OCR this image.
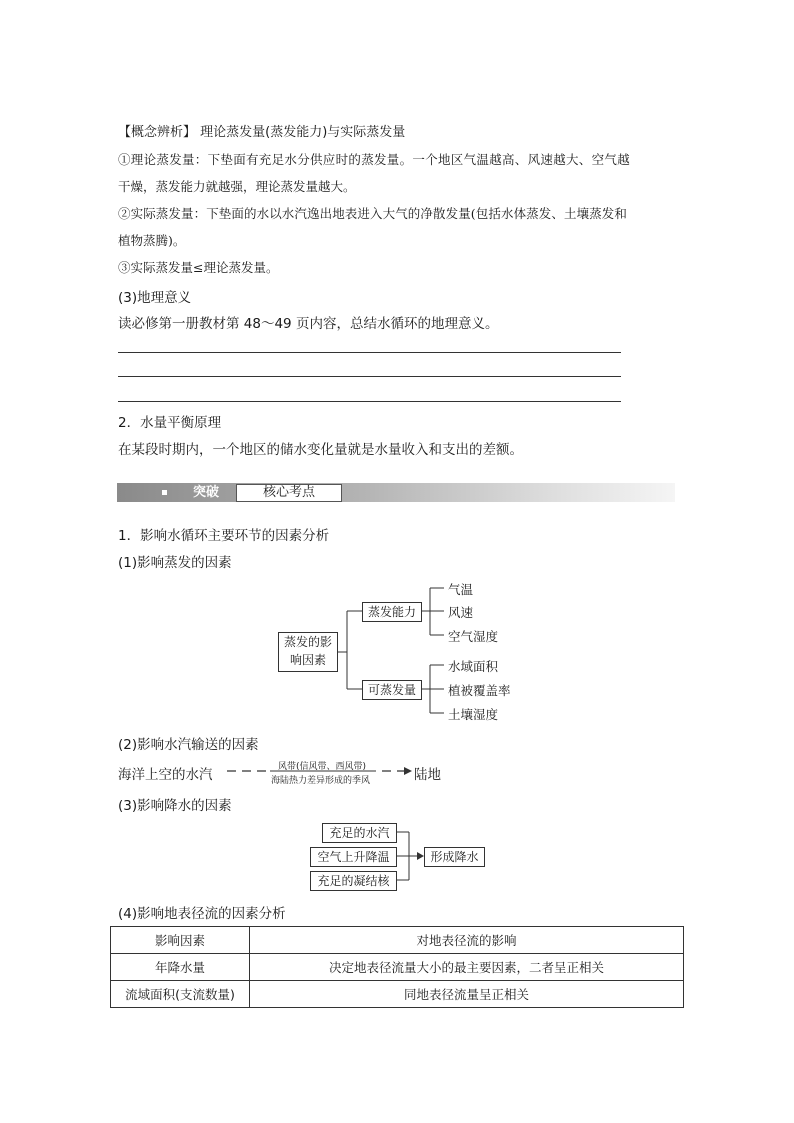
【概念辨析】 理论蒸发量(蒸发能力)与实际蒸发量
①理论蒸发量：下垫面有充足水分供应时的蒸发量。一个地区气温越高、风速越大、空气越
干燥，蒸发能力就越强，理论蒸发量越大。
②实际蒸发量：下垫面的水以水汽逸出地表进入大气的净散发量(包括水体蒸发、土壤蒸发和
植物蒸腾)。
③实际蒸发量≤理论蒸发量。
(3)地理意义
读必修第一册教材第 48～49 页内容，总结水循环的地理意义。
2．水量平衡原理
在某段时期内，一个地区的储水变化量就是水量收入和支出的差额。
突破	核心考点
1．影响水循环主要环节的因素分析
(1)影响蒸发的因素
蒸发的影
响因素
蒸发能力
可蒸发量
气温
风速
空气湿度
水域面积
植被覆盖率
土壤湿度
(2)影响水汽输送的因素
海洋上空的水汽	风带(信风带、西风带)
海陆热力差异形成的季风	陆地
(3)影响降水的因素
充足的水汽
空气上升降温
充足的凝结核
形成降水
(4)影响地表径流的因素分析
影响因素	对地表径流的影响
年降水量	决定地表径流量大小的最主要因素，二者呈正相关
流域面积(支流数量)	同地表径流量呈正相关
